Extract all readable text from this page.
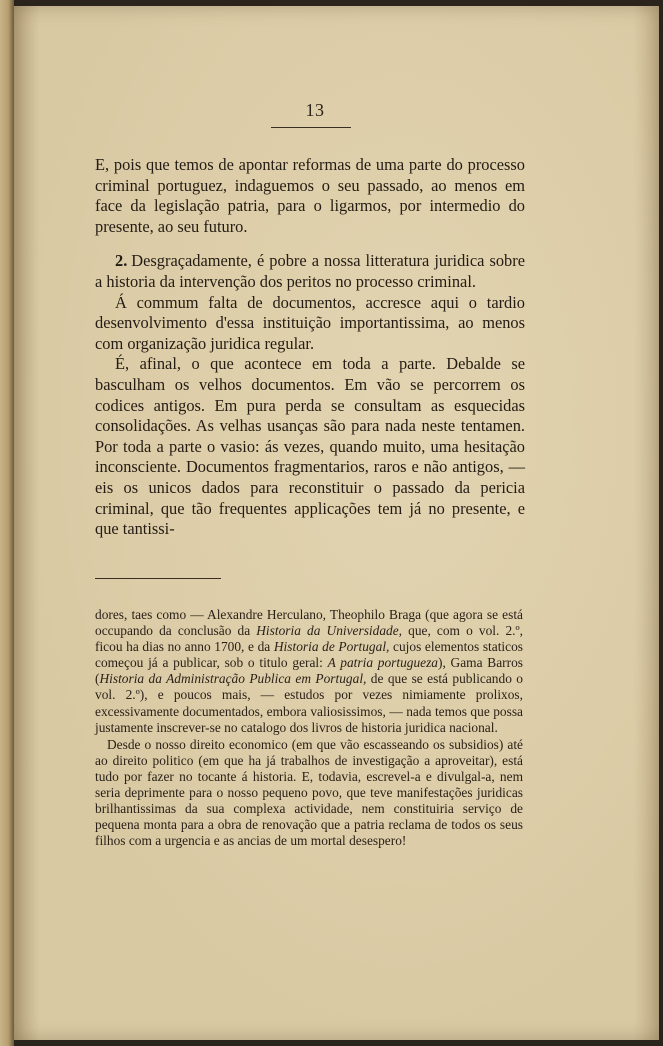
13

E, pois que temos de apontar reformas de uma parte do processo criminal portuguez, indaguemos o seu passado, ao menos em face da legislação patria, para o ligarmos, por intermedio do presente, ao seu futuro.

2. Desgraçadamente, é pobre a nossa litteratura juridica sobre a historia da intervenção dos peritos no processo criminal.

Á commum falta de documentos, accresce aqui o tardio desenvolvimento d'essa instituição importantissima, ao menos com organização juridica regular.

É, afinal, o que acontece em toda a parte. Debalde se basculham os velhos documentos. Em vão se percorrem os codices antigos. Em pura perda se consultam as esquecidas consolidações. As velhas usanças são para nada neste tentamen. Por toda a parte o vasio: ás vezes, quando muito, uma hesitação inconsciente. Documentos fragmentarios, raros e não antigos, — eis os unicos dados para reconstituir o passado da pericia criminal, que tão frequentes applicações tem já no presente, e que tantissi-

dores, taes como — Alexandre Herculano, Theophilo Braga (que agora se está occupando da conclusão da Historia da Universidade, que, com o vol. 2.º, ficou ha dias no anno 1700, e da Historia de Portugal, cujos elementos staticos começou já a publicar, sob o titulo geral: A patria portugueza), Gama Barros (Historia da Administração Publica em Portugal, de que se está publicando o vol. 2.º), e poucos mais, — estudos por vezes nimiamente prolixos, excessivamente documentados, embora valiosissimos, — nada temos que possa justamente inscrever-se no catalogo dos livros de historia juridica nacional.

Desde o nosso direito economico (em que vão escasseando os subsidios) até ao direito politico (em que ha já trabalhos de investigação a aproveitar), está tudo por fazer no tocante á historia. E, todavia, escrevel-a e divulgal-a, nem seria deprimente para o nosso pequeno povo, que teve manifestações juridicas brilhantissimas da sua complexa actividade, nem constituiria serviço de pequena monta para a obra de renovação que a patria reclama de todos os seus filhos com a urgencia e as ancias de um mortal desespero!
